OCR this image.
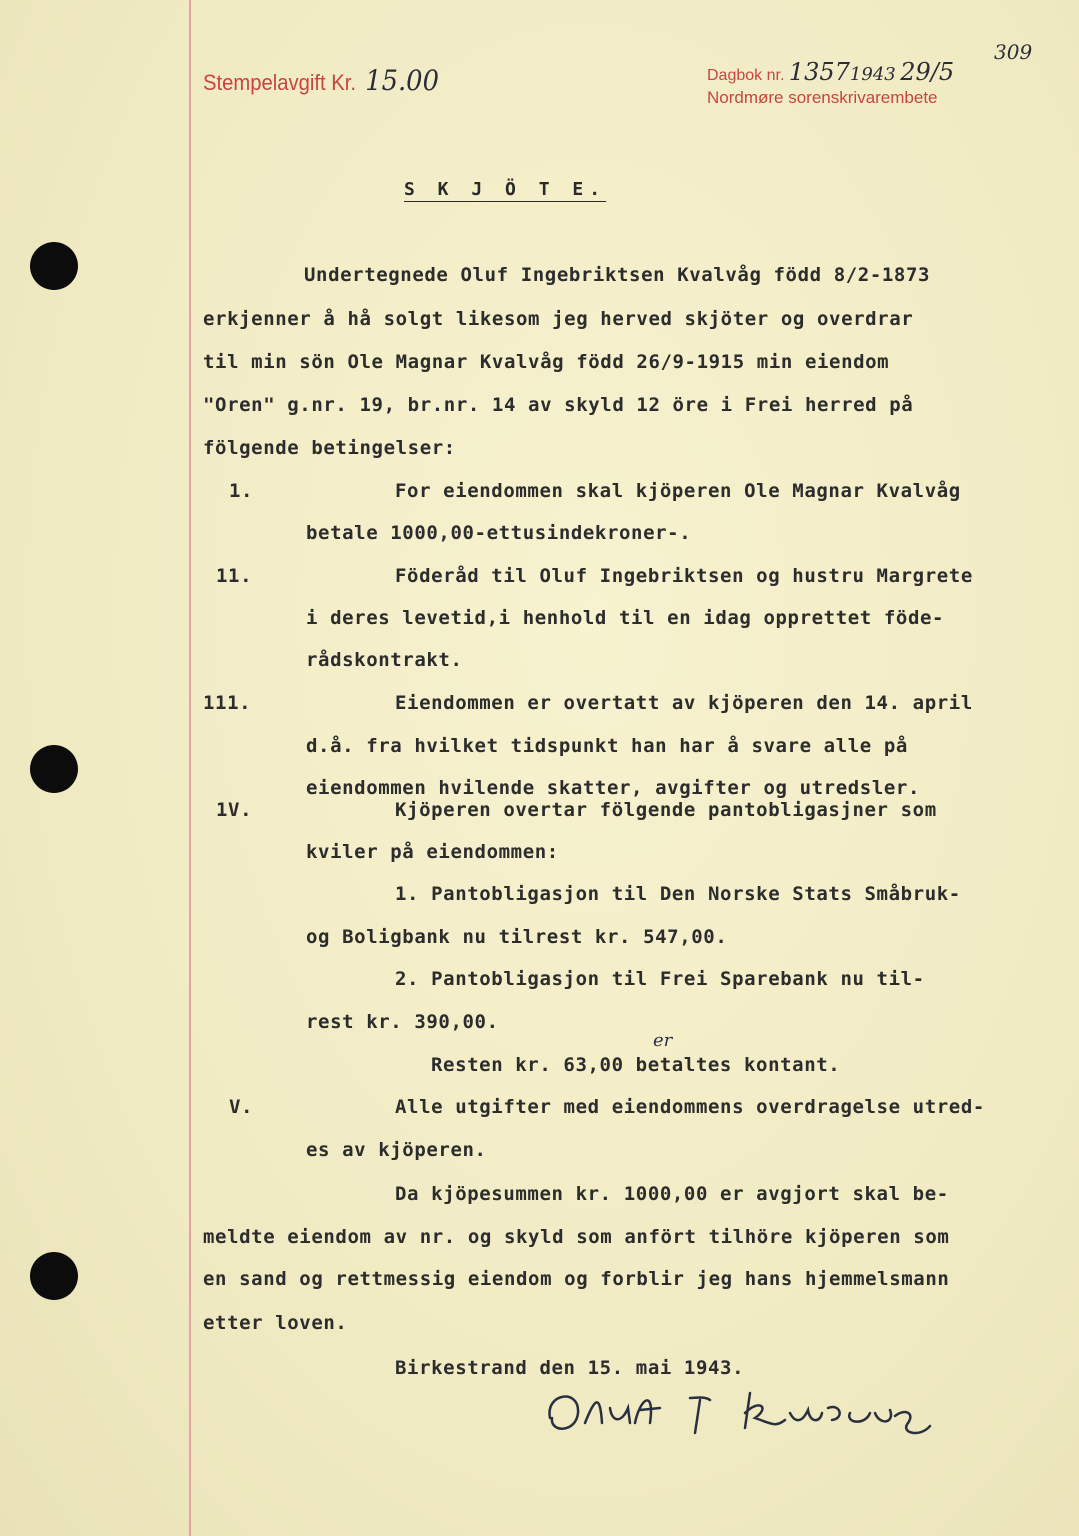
Stempelavgift Kr. 15.00	Dagbok nr. 13571943 29/5
Nordmøre sorenskrivarembete
309
S K J Ö T E.
Undertegnede Oluf Ingebriktsen Kvalvåg född 8/2-1873
erkjenner å hå solgt likesom jeg herved skjöter og overdrar
til min sön Ole Magnar Kvalvåg född 26/9-1915 min eiendom
"Oren" g.nr. 19, br.nr. 14 av skyld 12 öre i Frei herred på
fölgende betingelser:
1.	For eiendommen skal kjöperen Ole Magnar Kvalvåg
betale 1000,00-ettusindekroner-.
11.	Föderåd til Oluf Ingebriktsen og hustru Margrete
i deres levetid,i henhold til en idag opprettet föde-
rådskontrakt.
111.	Eiendommen er overtatt av kjöperen den 14. april
d.å. fra hvilket tidspunkt han har å svare alle på
eiendommen hvilende skatter, avgifter og utredsler.
1V.	Kjöperen overtar fölgende pantobligasjner som
kviler på eiendommen:
1. Pantobligasjon til Den Norske Stats Småbruk-
og Boligbank nu tilrest kr. 547,00.
2. Pantobligasjon til Frei Sparebank nu til-
rest kr. 390,00.
er
Resten kr. 63,00 betaltes kontant.
V.	Alle utgifter med eiendommens overdragelse utred-
es av kjöperen.
Da kjöpesummen kr. 1000,00 er avgjort skal be-
meldte eiendom av nr. og skyld som anfört tilhöre kjöperen som
en sand og rettmessig eiendom og forblir jeg hans hjemmelsmann
etter loven.
Birkestrand den 15. mai 1943.
